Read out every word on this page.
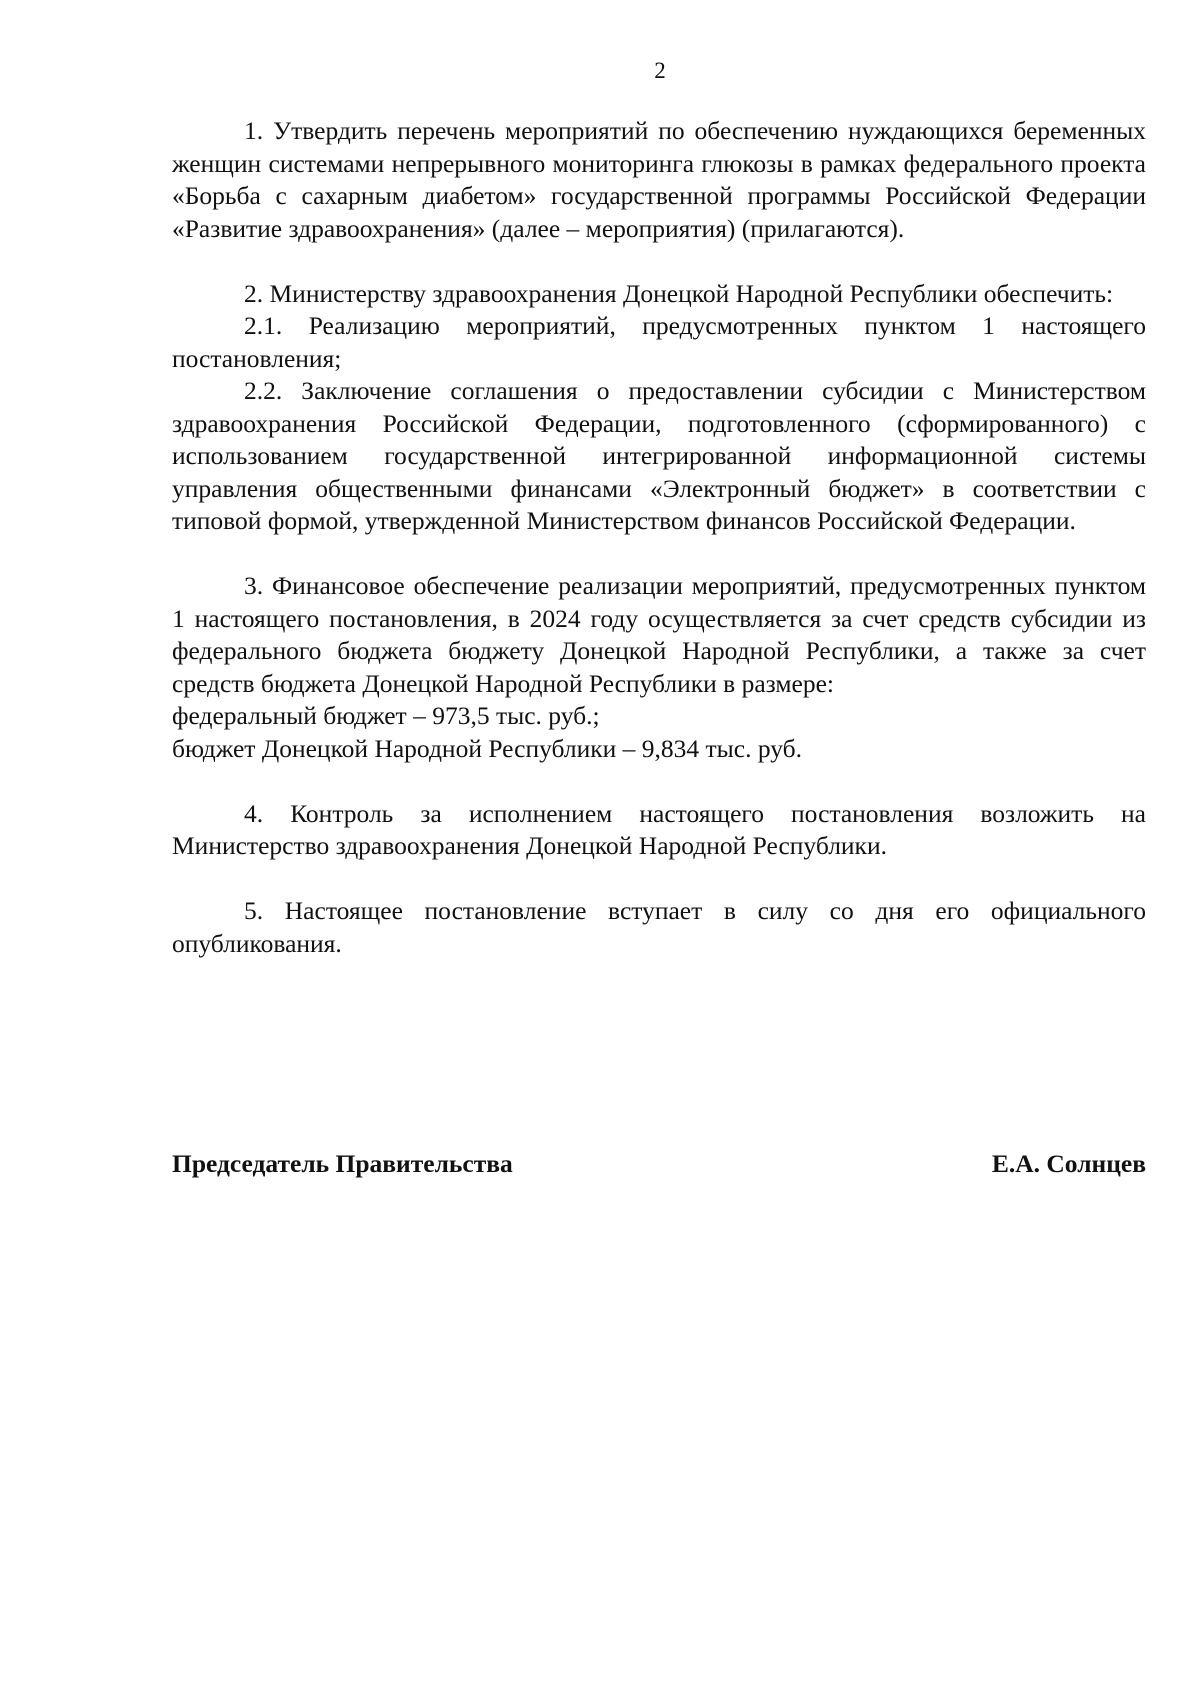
2

1. Утвердить перечень мероприятий по обеспечению нуждающихся беременных женщин системами непрерывного мониторинга глюкозы в рамках федерального проекта «Борьба с сахарным диабетом» государственной программы Российской Федерации «Развитие здравоохранения» (далее – мероприятия) (прилагаются).

2. Министерству здравоохранения Донецкой Народной Республики обеспечить:

2.1. Реализацию мероприятий, предусмотренных пунктом 1 настоящего постановления;

2.2. Заключение соглашения о предоставлении субсидии с Министерством здравоохранения Российской Федерации, подготовленного (сформированного) с использованием государственной интегрированной информационной системы управления общественными финансами «Электронный бюджет» в соответствии с типовой формой, утвержденной Министерством финансов Российской Федерации.

3. Финансовое обеспечение реализации мероприятий, предусмотренных пунктом 1 настоящего постановления, в 2024 году осуществляется за счет средств субсидии из федерального бюджета бюджету Донецкой Народной Республики, а также за счет средств бюджета Донецкой Народной Республики в размере:

федеральный бюджет – 973,5 тыс. руб.;

бюджет Донецкой Народной Республики – 9,834 тыс. руб.

4. Контроль за исполнением настоящего постановления возложить на Министерство здравоохранения Донецкой Народной Республики.

5. Настоящее постановление вступает в силу со дня его официального опубликования.

Председатель Правительства	Е.А. Солнцев
